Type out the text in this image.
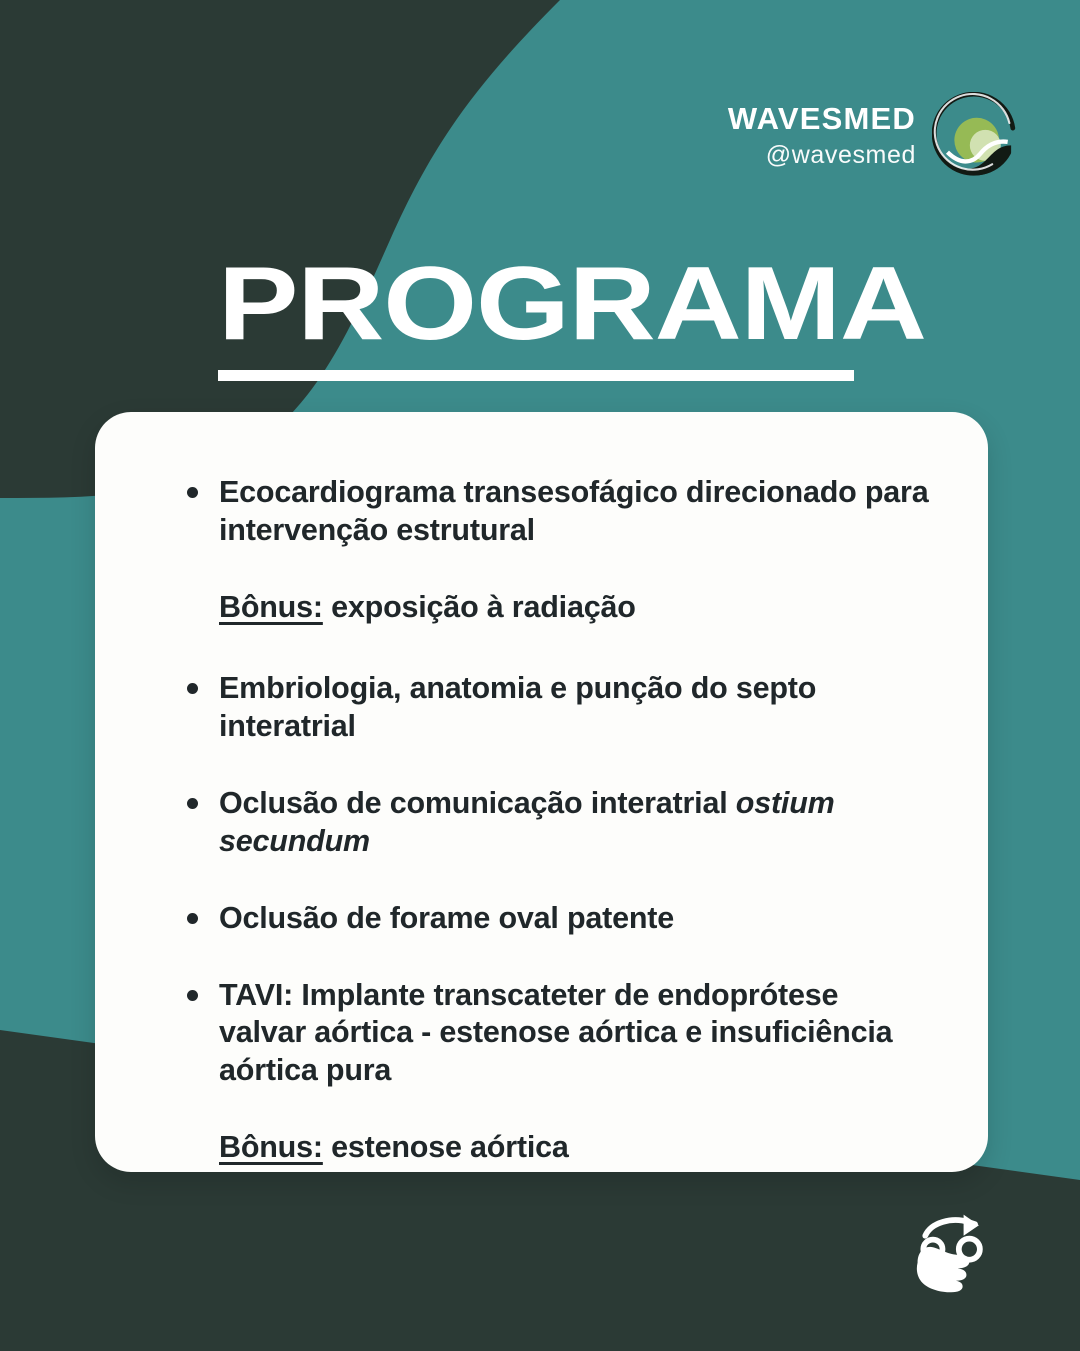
WAVESMED
@wavesmed
PROGRAMA
Ecocardiograma transesofágico direcionado para intervenção estrutural
Bônus: exposição à radiação
Embriologia, anatomia e punção do septo interatrial
Oclusão de comunicação interatrial ostium secundum
Oclusão de forame oval patente
TAVI: Implante transcateter de endoprótese valvar aórtica - estenose aórtica e insuficiência aórtica pura
Bônus: estenose aórtica
